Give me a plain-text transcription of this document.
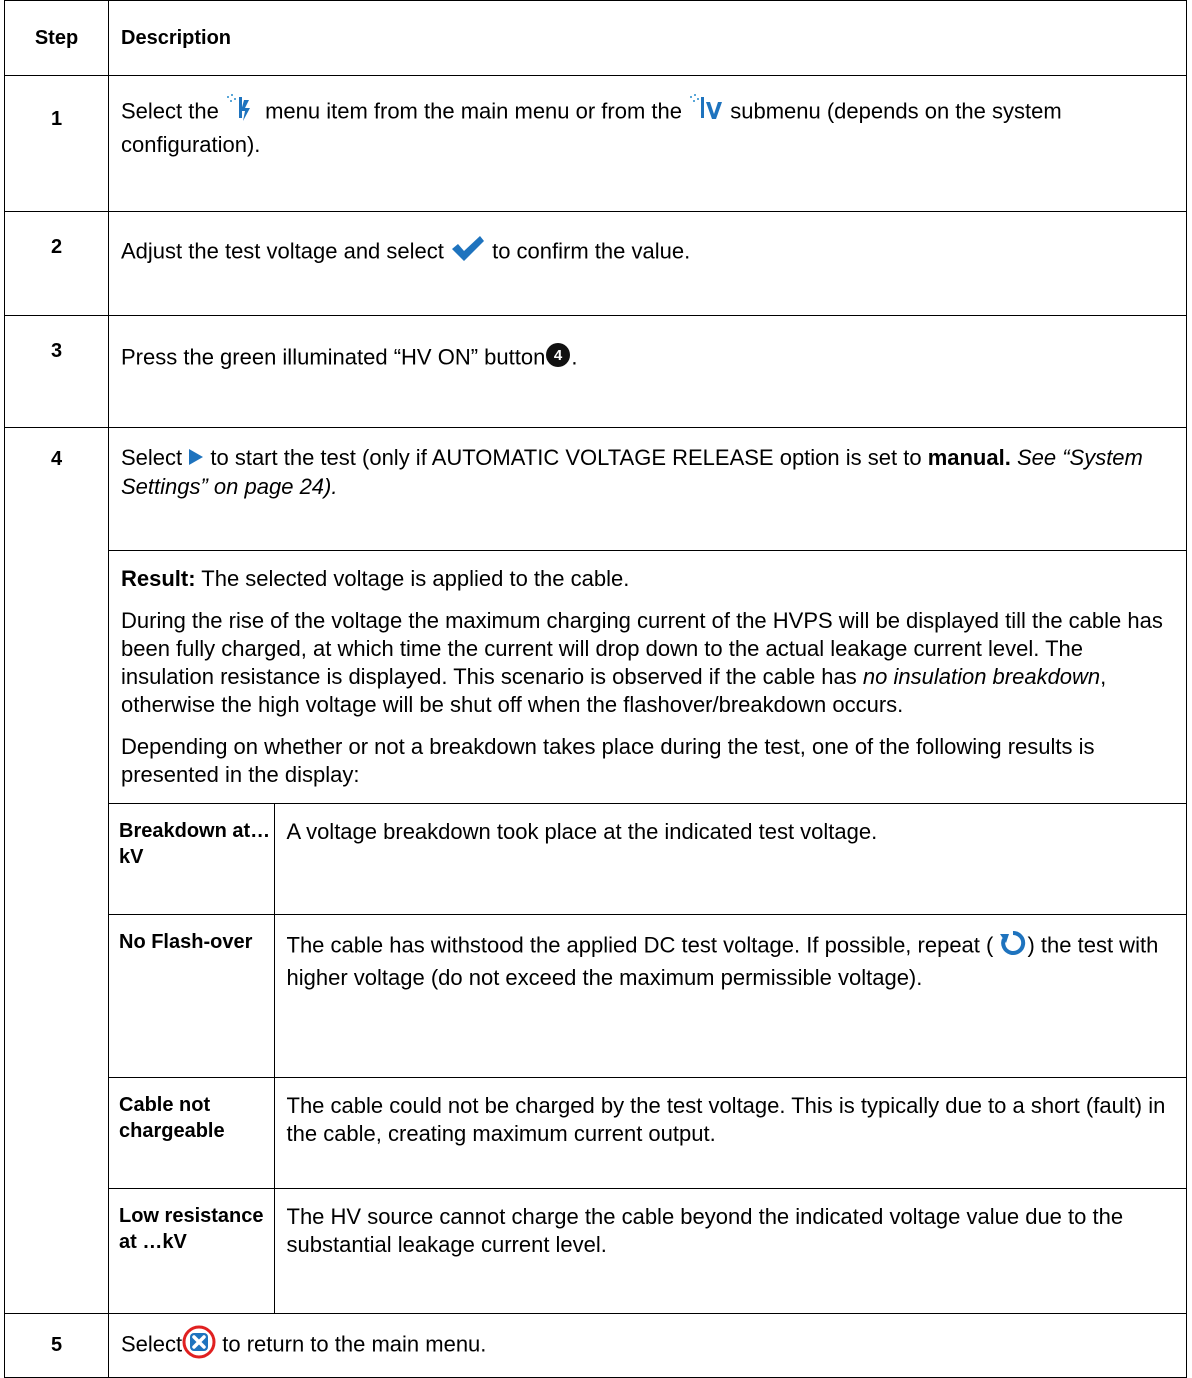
Step	Description
1	Select the  menu item from the main menu or from the  submenu (depends on the system configuration).
2	Adjust the test voltage and select  to confirm the value.
3	Press the green illuminated “HV ON” button 4 .
4		Select  to start the test (only if AUTOMATIC VOLTAGE RELEASE option is set to manual. See “System Settings” on page 24).

Result: The selected voltage is applied to the cable.

During the rise of the voltage the maximum charging current of the HVPS will be displayed till the cable has been fully charged, at which time the current will drop down to the actual leakage current level. The insulation resistance is displayed. This scenario is observed if the cable has no insulation breakdown, otherwise the high voltage will be shut off when the flashover/breakdown occurs.

Depending on whether or not a breakdown takes place during the test, one of the following results is presented in the display:

Breakdown at…kV	A voltage breakdown took place at the indicated test voltage.
No Flash-over	The cable has withstood the applied DC test voltage. If possible, repeat ( ) the test with higher voltage (do not exceed the maximum permissible voltage).
Cable not chargeable	The cable could not be charged by the test voltage. This is typically due to a short (fault) in the cable, creating maximum current output.
Low resistance at …kV	The HV source cannot charge the cable beyond the indicated voltage value due to the substantial leakage current level.

5	Select to return to the main menu.
